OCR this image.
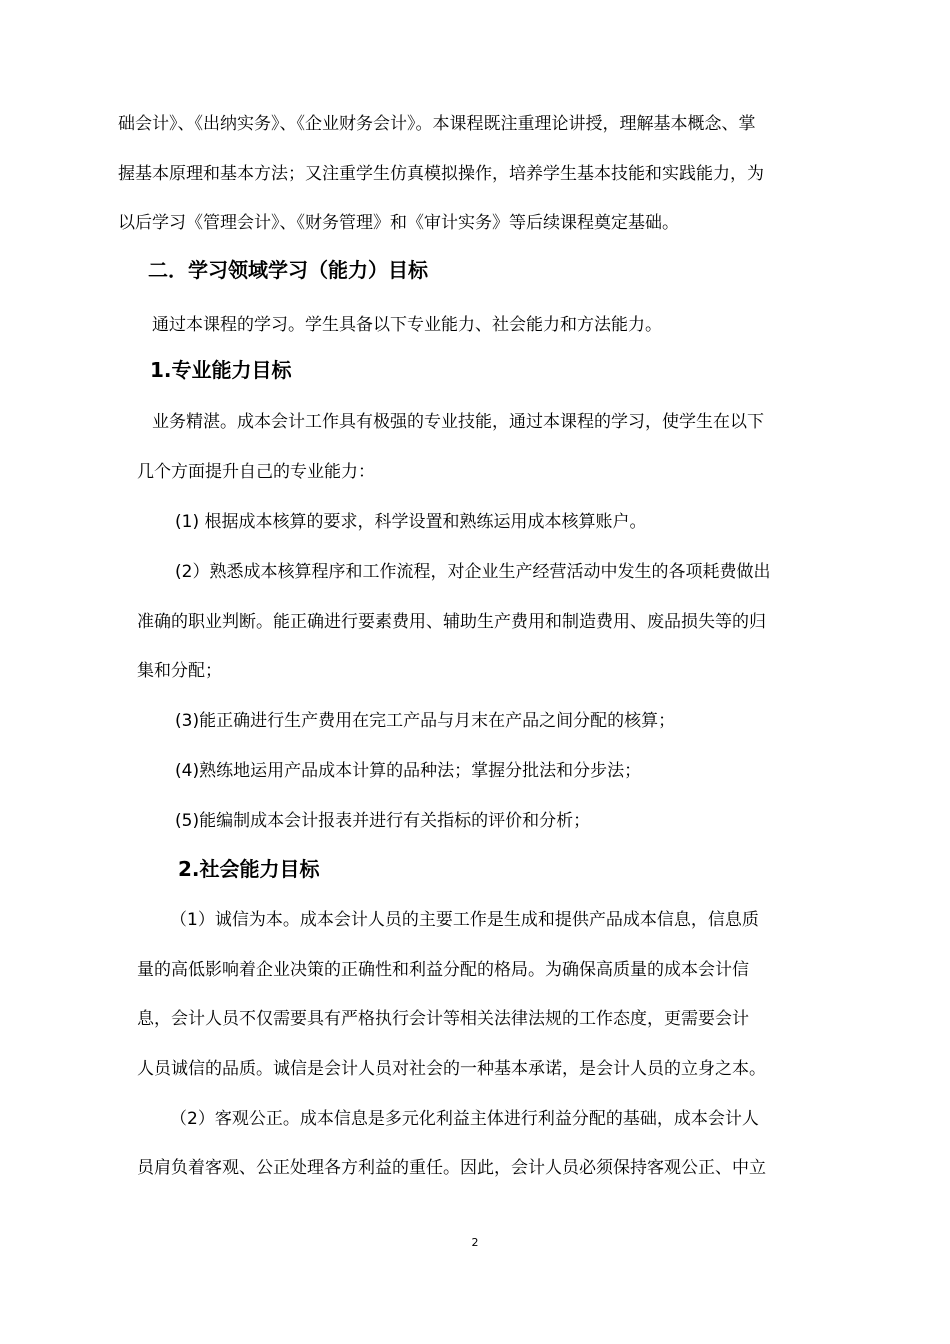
础会计》、《出纳实务》、《企业财务会计》。本课程既注重理论讲授，理解基本概念、掌
握基本原理和基本方法；又注重学生仿真模拟操作，培养学生基本技能和实践能力，为
以后学习《管理会计》、《财务管理》和《审计实务》等后续课程奠定基础。
二．学习领域学习（能力）目标
通过本课程的学习。学生具备以下专业能力、社会能力和方法能力。
1.专业能力目标
业务精湛。成本会计工作具有极强的专业技能，通过本课程的学习，使学生在以下
几个方面提升自己的专业能力：
(1) 根据成本核算的要求，科学设置和熟练运用成本核算账户。
(2）熟悉成本核算程序和工作流程，对企业生产经营活动中发生的各项耗费做出
准确的职业判断。能正确进行要素费用、辅助生产费用和制造费用、废品损失等的归
集和分配；
(3)能正确进行生产费用在完工产品与月末在产品之间分配的核算；
(4)熟练地运用产品成本计算的品种法；掌握分批法和分步法；
(5)能编制成本会计报表并进行有关指标的评价和分析；
2.社会能力目标
（1）诚信为本。成本会计人员的主要工作是生成和提供产品成本信息，信息质
量的高低影响着企业决策的正确性和利益分配的格局。为确保高质量的成本会计信
息，会计人员不仅需要具有严格执行会计等相关法律法规的工作态度，更需要会计
人员诚信的品质。诚信是会计人员对社会的一种基本承诺，是会计人员的立身之本。
（2）客观公正。成本信息是多元化利益主体进行利益分配的基础，成本会计人
员肩负着客观、公正处理各方利益的重任。因此，会计人员必须保持客观公正、中立
2
